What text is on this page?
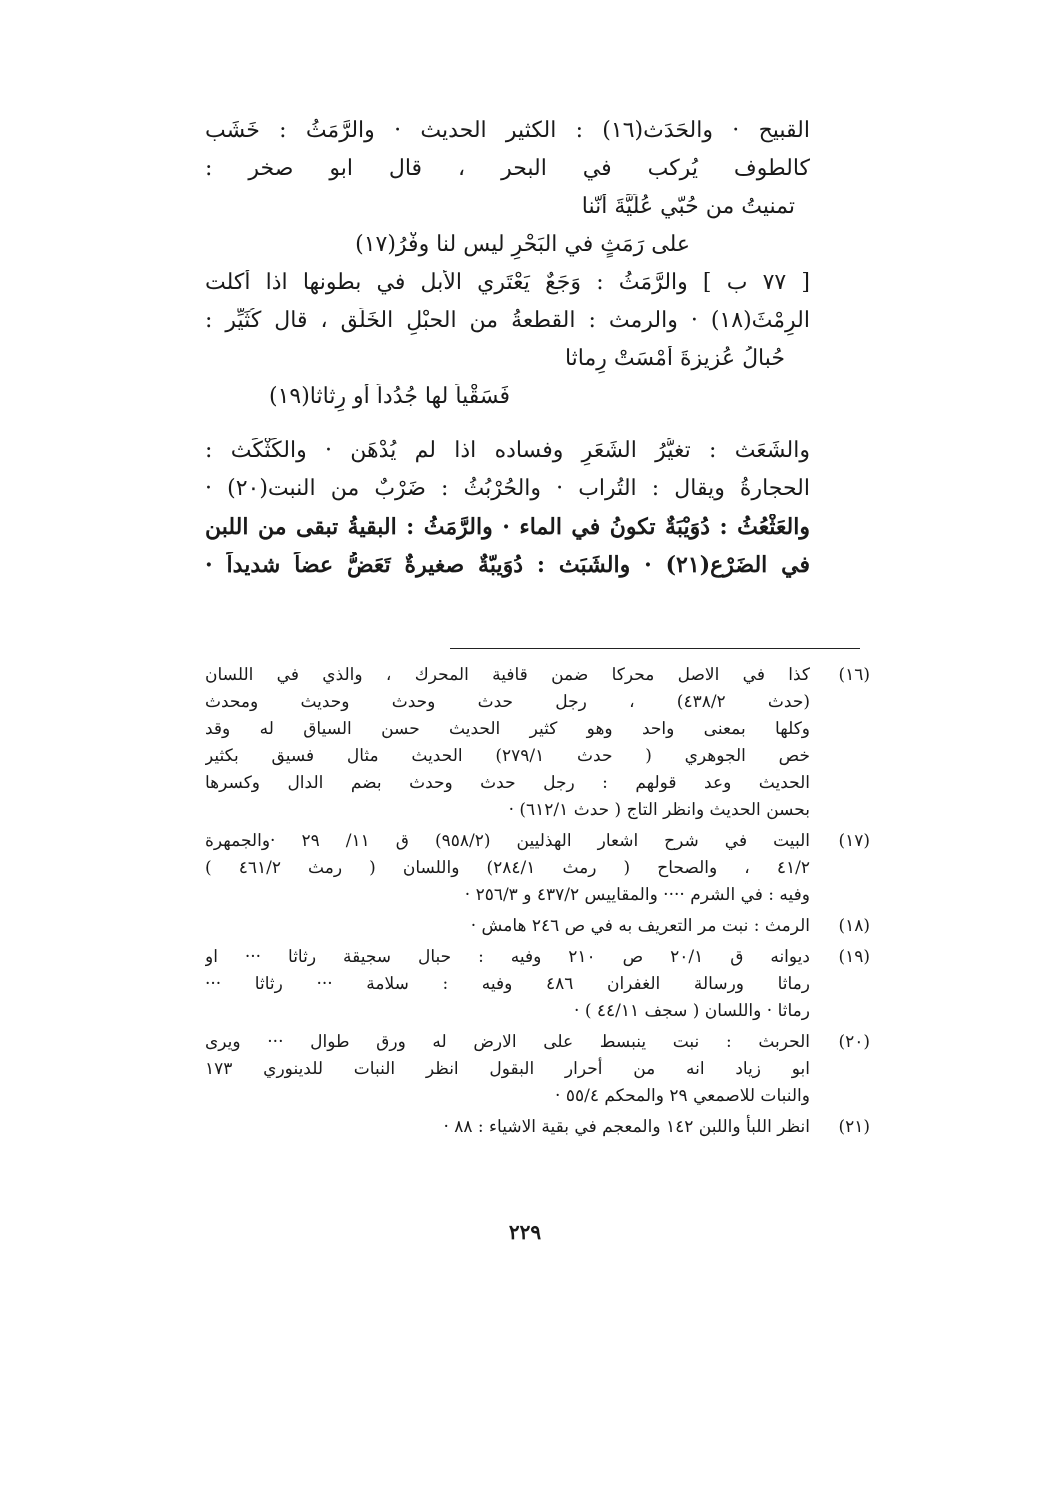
القبيح · والحَدَث(١٦) : الكثير الحديث · والرَّمَثُ : خَشَب
كالطوف يُركب في البحر ، قال ابو صخر :
تمنيتُ من حُبّي عُلَيَّةَ أنّنا
على رَمَثٍ في البَحْرِ ليس لنا وفْرُ(١٧)
[ ٧٧ ب ] والرَّمَثُ : وَجَعٌ يَعْتَري الأبل في بطونها اذا أكلت
الرِمْثَ(١٨) · والرمث : القطعةُ من الحبْلِ الخَلَق ، قال كُثَيِّر :
حُبالُ عُزيزةَ أمْسَتْ رِماثا
فَسَقْياً لها جُدُداً أو رِثاثا(١٩)
والشَعَث : تغيُّرُ الشَعَرِ وفساده اذا لم يُدْهَن · والكَثْكَث :
الحجارةُ ويقال : التُراب · والحُرْبُثُ : ضَرْبٌ من النبت(٢٠) ·
والعَثْعُثُ : دُوَيْبَةٌ تكونُ في الماء · والرَّمَثُ : البقيةُ تبقى من اللبن
في الضَرْع(٢١) · والشَبَث : دُوَيبّةٌ صغيرةٌ تَعَضُّ عضاً شديداً ·
(١٦)
كذا في الاصل محركا ضمن قافية المحرك ، والذي في اللسان
(حدث ٤٣٨/٢) ، رجل حدث وحدث وحديث ومحدث
وكلها بمعنى واحد وهو كثير الحديث حسن السياق له وقد
خص الجوهري ( حدث ٢٧٩/١) الحديث مثال فسيق بكثير
الحديث وعد قولهم : رجل حدث وحدث بضم الدال وكسرها
بحسن الحديث وانظر التاج ( حدث ٦١٢/١) ·
(١٧)
البيت في شرح اشعار الهذليين (٩٥٨/٢) ق ١١/ ٢٩ ·والجمهرة
٤١/٢ ، والصحاح ( رمث ٢٨٤/١) واللسان ( رمث ٤٦١/٢ )
وفيه : في الشرم ···· والمقاييس ٤٣٧/٢ و ٢٥٦/٣ ·
(١٨)
الرمث : نبت مر التعريف به في ص ٢٤٦ هامش ·
(١٩)
ديوانه ق ٢٠/١ ص ٢١٠ وفيه : حبال سجيقة رثاثا ··· او
رماثا ورسالة الغفران ٤٨٦ وفيه : سلامة ··· رثاثا ···
رماثا · واللسان ( سجف ٤٤/١١ ) ·
(٢٠)
الحربث : نبت ينبسط على الارض له ورق طوال ··· ويرى
ابو زياد انه من أحرار البقول انظر النبات للدينوري ١٧٣
والنبات للاصمعي ٢٩ والمحكم ٥٥/٤ ·
(٢١)
انظر اللبأ واللبن ١٤٢ والمعجم في بقية الاشياء : ٨٨ ·
٢٢٩
